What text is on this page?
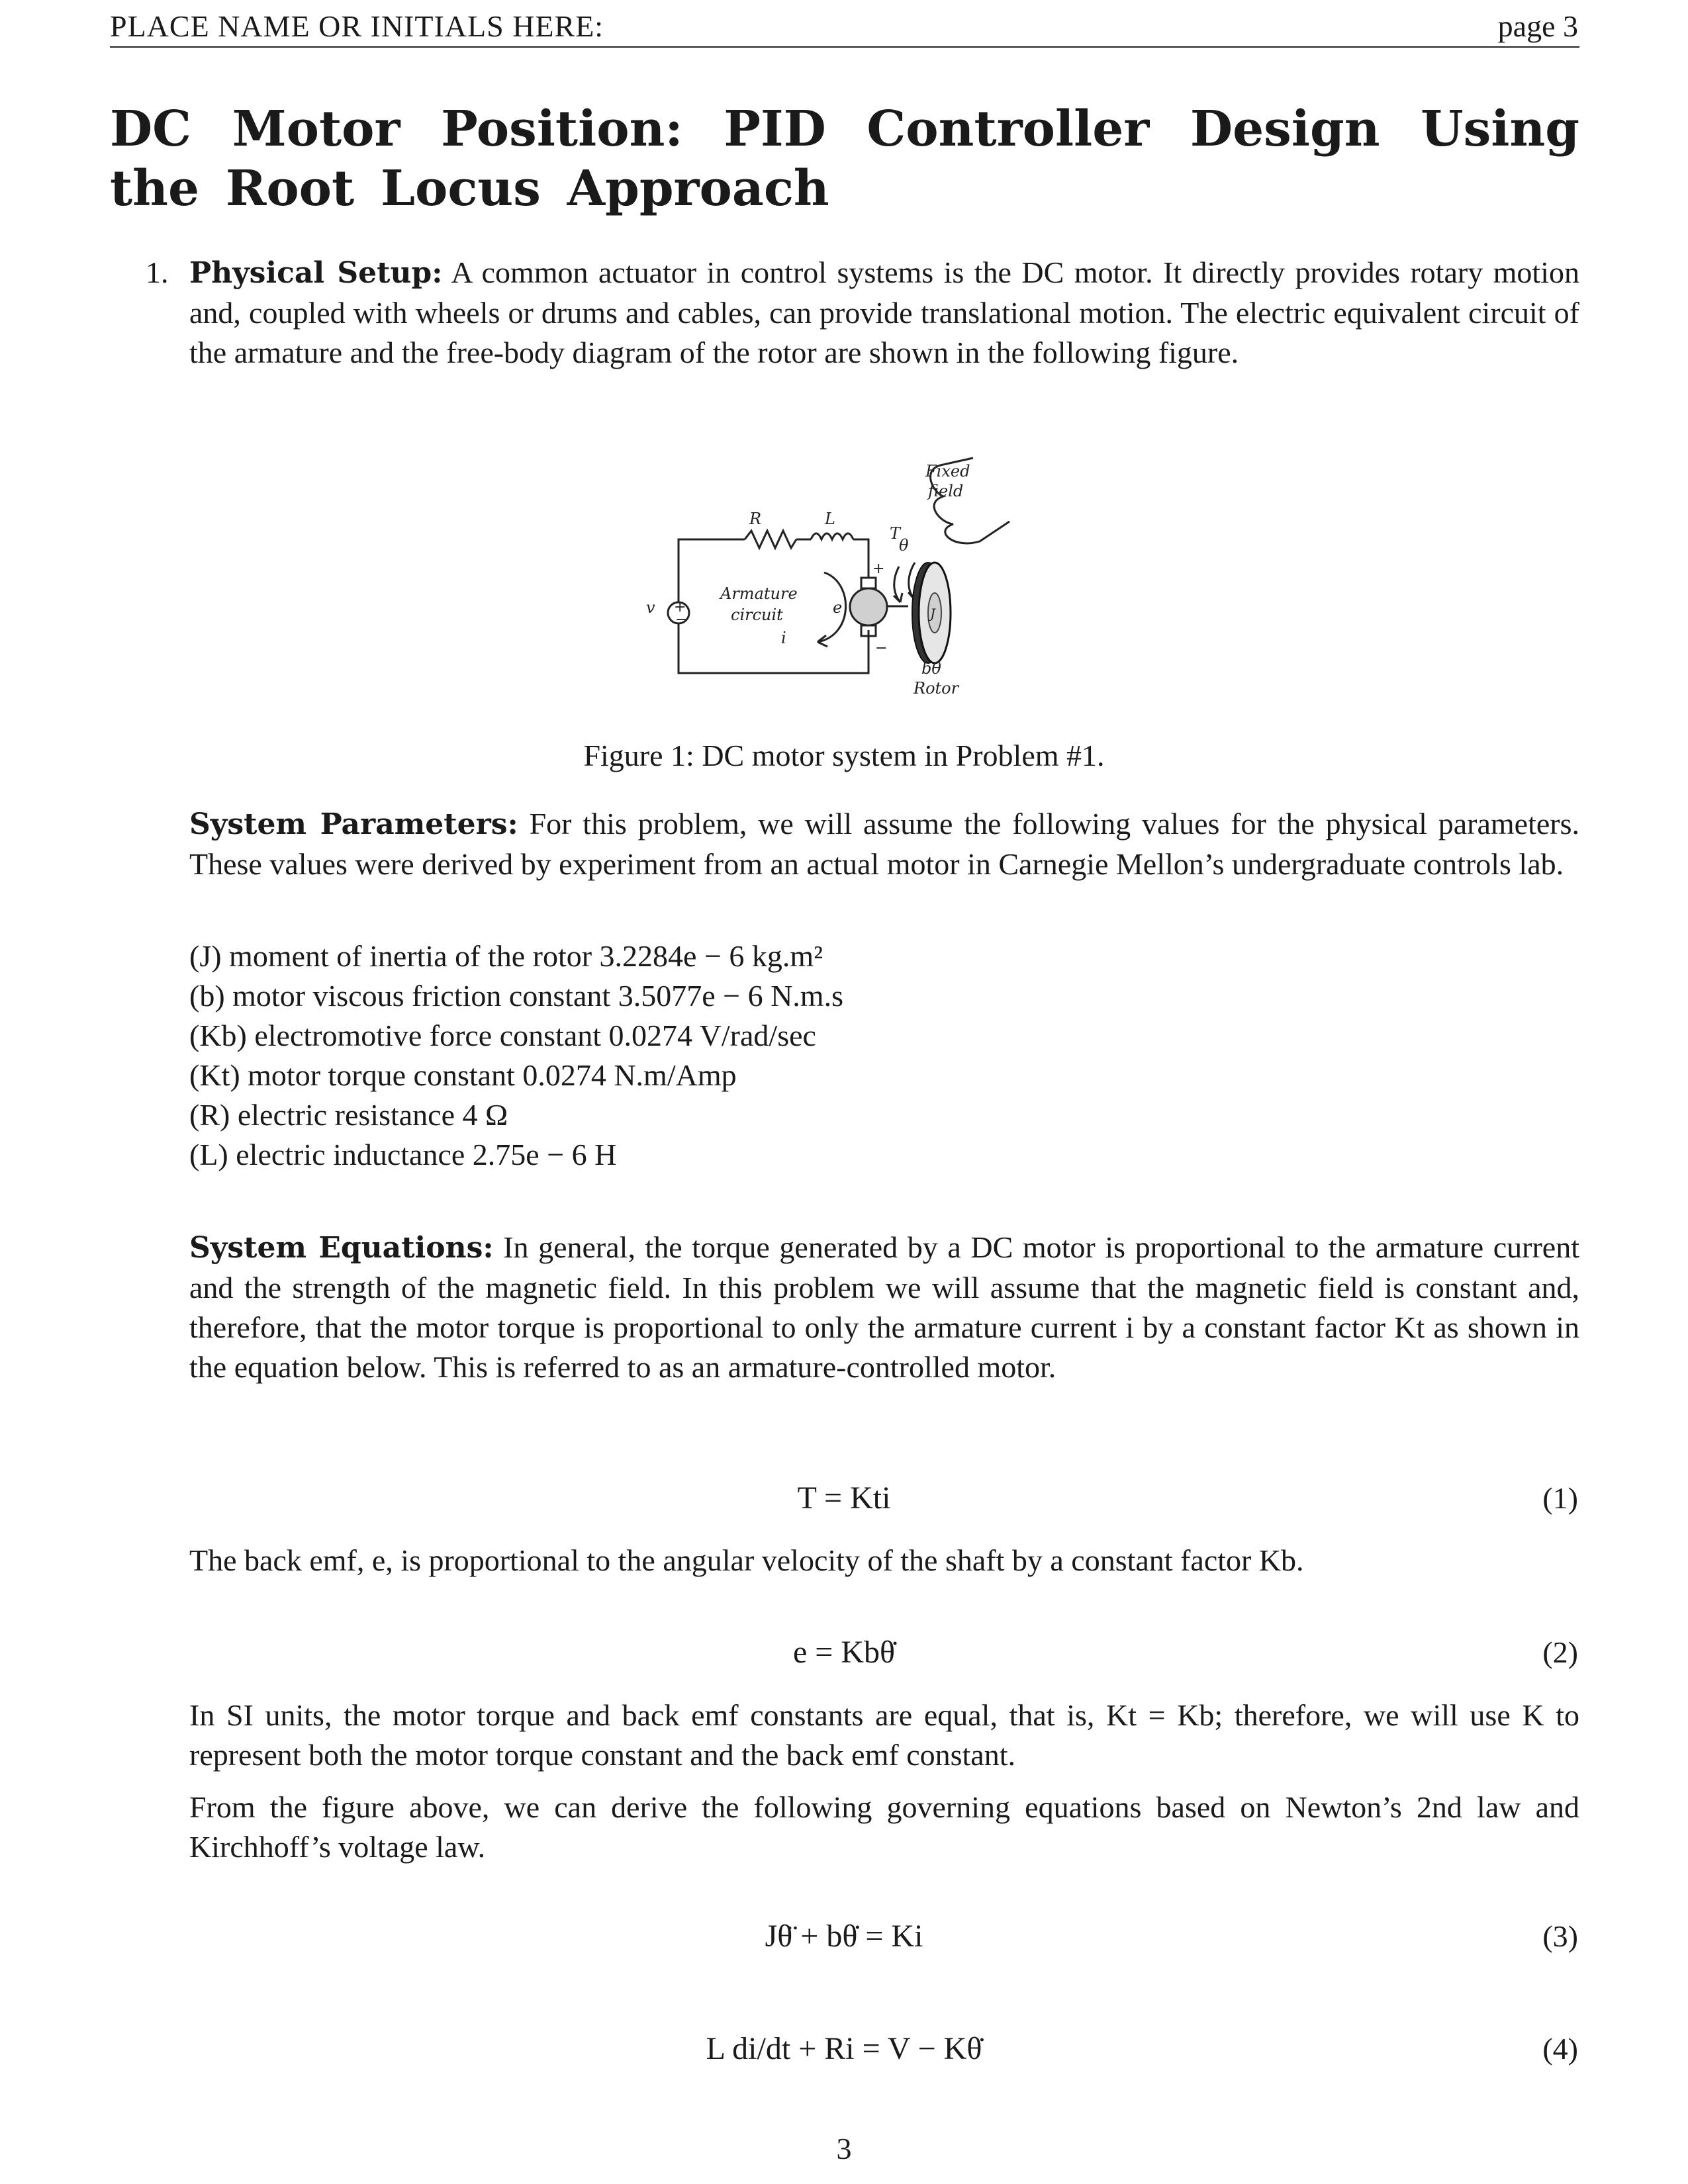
PLACE NAME OR INITIALS HERE:	page 3
DC Motor Position: PID Controller Design Using the Root Locus Approach
1. Physical Setup: A common actuator in control systems is the DC motor. It directly provides rotary motion and, coupled with wheels or drums and cables, can provide translational motion. The electric equivalent circuit of the armature and the free-body diagram of the rotor are shown in the following figure.
Fixed
field
R	L
T
θ
v
Armature
circuit
i
e	J
bθ̇
Rotor
+
−
+
−
Figure 1: DC motor system in Problem #1.
System Parameters: For this problem, we will assume the following values for the physical parameters. These values were derived by experiment from an actual motor in Carnegie Mellon’s undergraduate controls lab.
(J) moment of inertia of the rotor 3.2284e − 6 kg.m²
(b) motor viscous friction constant 3.5077e − 6 N.m.s
(Kb) electromotive force constant 0.0274 V/rad/sec
(Kt) motor torque constant 0.0274 N.m/Amp
(R) electric resistance 4 Ω
(L) electric inductance 2.75e − 6 H
System Equations: In general, the torque generated by a DC motor is proportional to the armature current and the strength of the magnetic field. In this problem we will assume that the magnetic field is constant and, therefore, that the motor torque is proportional to only the armature current i by a constant factor Kt as shown in the equation below. This is referred to as an armature-controlled motor.
T = Kti	(1)
The back emf, e, is proportional to the angular velocity of the shaft by a constant factor Kb.
e = Kbθ̇	(2)
In SI units, the motor torque and back emf constants are equal, that is, Kt = Kb; therefore, we will use K to represent both the motor torque constant and the back emf constant.
From the figure above, we can derive the following governing equations based on Newton’s 2nd law and Kirchhoff’s voltage law.
Jθ̈ + bθ̇ = Ki	(3)
L di/dt + Ri = V − Kθ̇	(4)
3
